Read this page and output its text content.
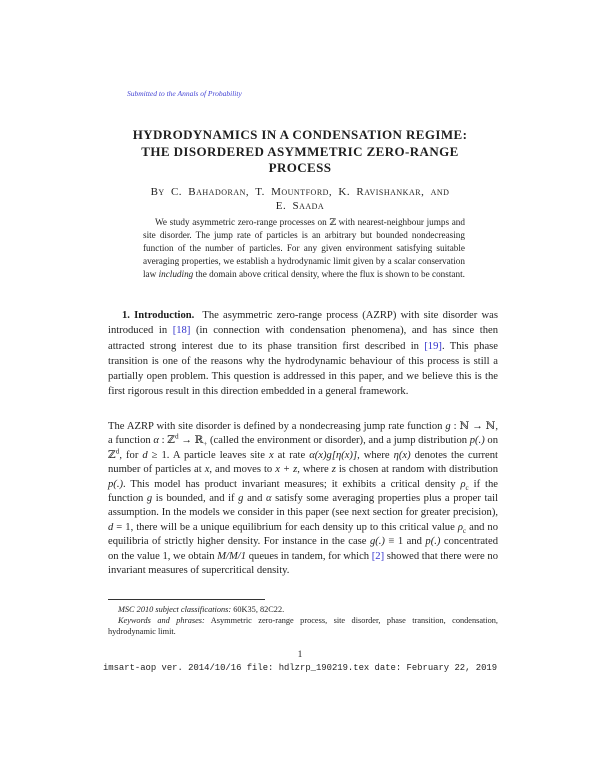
Submitted to the Annals of Probability
HYDRODYNAMICS IN A CONDENSATION REGIME:
THE DISORDERED ASYMMETRIC ZERO-RANGE
PROCESS
By C. Bahadoran, T. Mountford, K. Ravishankar, and
E. Saada
We study asymmetric zero-range processes on ℤ with nearest-neighbour jumps and site disorder. The jump rate of particles is an arbitrary but bounded nondecreasing function of the number of particles. For any given environment satisfying suitable averaging properties, we establish a hydrodynamic limit given by a scalar conservation law including the domain above critical density, where the flux is shown to be constant.
1. Introduction. The asymmetric zero-range process (AZRP) with site disorder was introduced in [18] (in connection with condensation phenomena), and has since then attracted strong interest due to its phase transition first described in [19]. This phase transition is one of the reasons why the hydrodynamic behaviour of this process is still a partially open problem. This question is addressed in this paper, and we believe this is the first rigorous result in this direction embedded in a general framework.
The AZRP with site disorder is defined by a nondecreasing jump rate function g : ℕ → ℕ, a function α : ℤ$^d$ → ℝ$_+$ (called the environment or disorder), and a jump distribution p(.) on ℤ$^d$, for d ≥ 1. A particle leaves site x at rate α(x)g[η(x)], where η(x) denotes the current number of particles at x, and moves to x + z, where z is chosen at random with distribution p(.). This model has product invariant measures; it exhibits a critical density $\rho_c$ if the function g is bounded, and if g and α satisfy some averaging properties plus a proper tail assumption. In the models we consider in this paper (see next section for greater precision), d = 1, there will be a unique equilibrium for each density up to this critical value $\rho_c$ and no equilibria of strictly higher density. For instance in the case g(.) ≡ 1 and p(.) concentrated on the value 1, we obtain M/M/1 queues in tandem, for which [2] showed that there were no invariant measures of supercritical density.

MSC 2010 subject classifications: 60K35, 82C22.

Keywords and phrases: Asymmetric zero-range process, site disorder, phase transition, condensation, hydrodynamic limit.

1
imsart-aop ver. 2014/10/16 file: hdlzrp_190219.tex date: February 22, 2019
